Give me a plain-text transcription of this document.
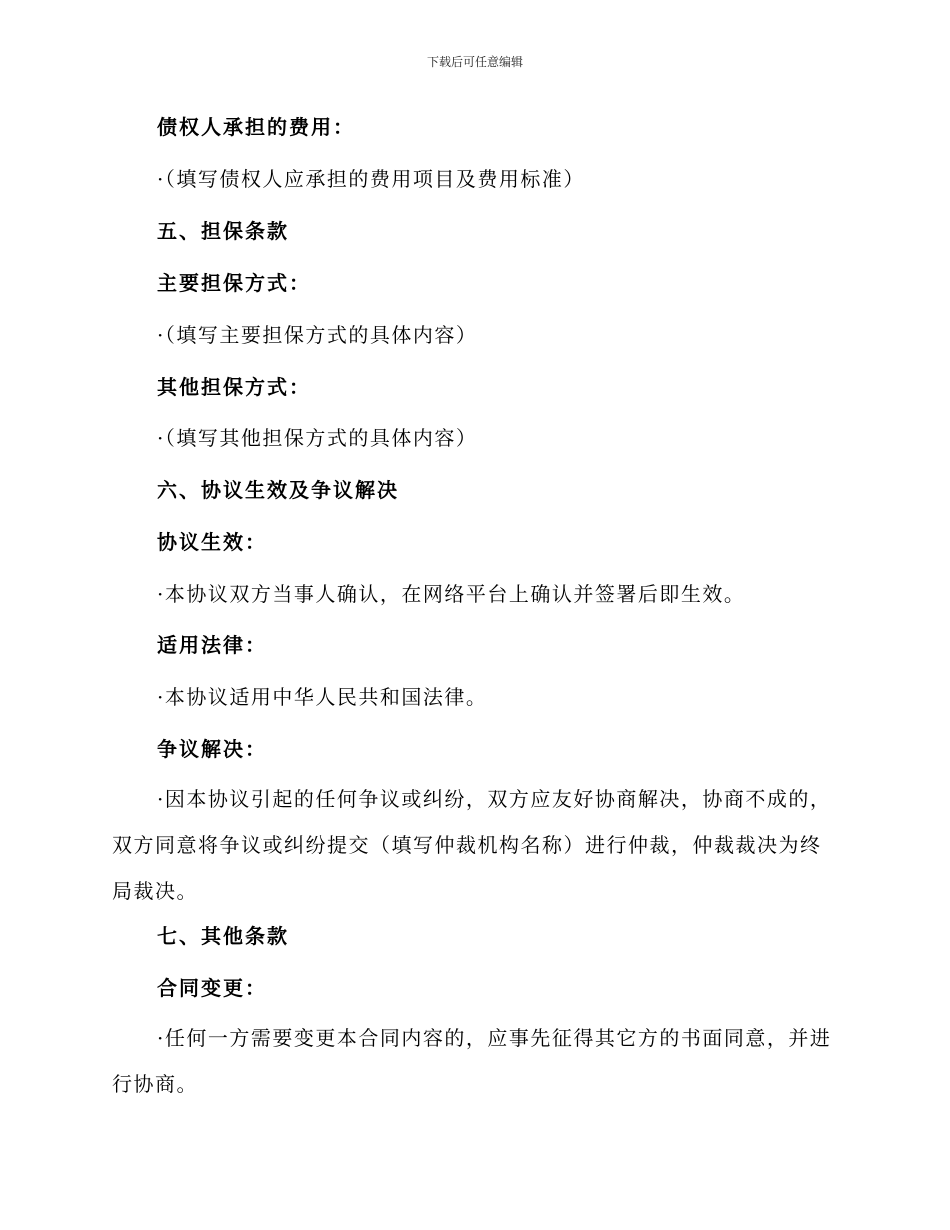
下载后可任意编辑
债权人承担的费用：
·（填写债权人应承担的费用项目及费用标准）
五、担保条款
主要担保方式：
·（填写主要担保方式的具体内容）
其他担保方式：
·（填写其他担保方式的具体内容）
六、协议生效及争议解决
协议生效：
·本协议双方当事人确认，在网络平台上确认并签署后即生效。
适用法律：
·本协议适用中华人民共和国法律。
争议解决：
·因本协议引起的任何争议或纠纷，双方应友好协商解决，协商不成的，双方同意将争议或纠纷提交（填写仲裁机构名称）进行仲裁，仲裁裁决为终局裁决。
七、其他条款
合同变更：
·任何一方需要变更本合同内容的，应事先征得其它方的书面同意，并进行协商。
